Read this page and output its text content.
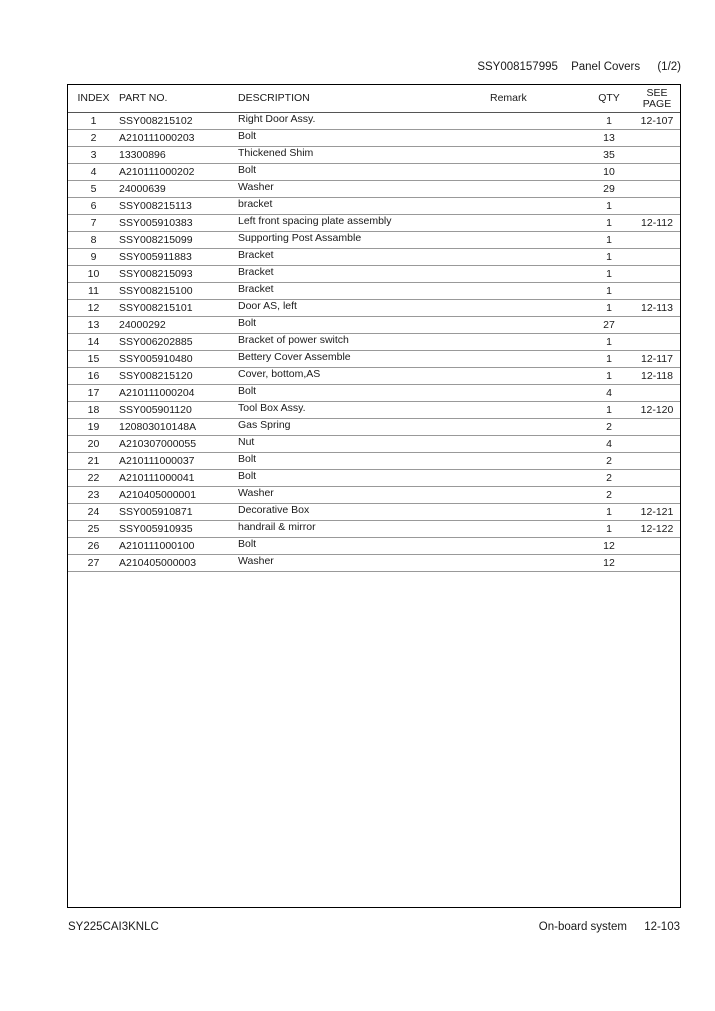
SSY008157995 Panel Covers (1/2)
INDEX	PART NO.	DESCRIPTION	Remark	QTY	SEE
PAGE
1	SSY008215102	Right Door Assy.		1	12-107
2	A210111000203	Bolt		13	
3	13300896	Thickened Shim		35	
4	A210111000202	Bolt		10	
5	24000639	Washer		29	
6	SSY008215113	bracket		1	
7	SSY005910383	Left front spacing plate assembly		1	12-112
8	SSY008215099	Supporting Post Assamble		1	
9	SSY005911883	Bracket		1	
10	SSY008215093	Bracket		1	
11	SSY008215100	Bracket		1	
12	SSY008215101	Door AS, left		1	12-113
13	24000292	Bolt		27	
14	SSY006202885	Bracket of power switch		1	
15	SSY005910480	Bettery Cover Assemble		1	12-117
16	SSY008215120	Cover, bottom,AS		1	12-118
17	A210111000204	Bolt		4	
18	SSY005901120	Tool Box Assy.		1	12-120
19	120803010148A	Gas Spring		2	
20	A210307000055	Nut		4	
21	A210111000037	Bolt		2	
22	A210111000041	Bolt		2	
23	A210405000001	Washer		2	
24	SSY005910871	Decorative Box		1	12-121
25	SSY005910935	handrail & mirror		1	12-122
26	A210111000100	Bolt		12	
27	A210405000003	Washer		12	
SY225CAI3KNLC	On-board system 12-103
